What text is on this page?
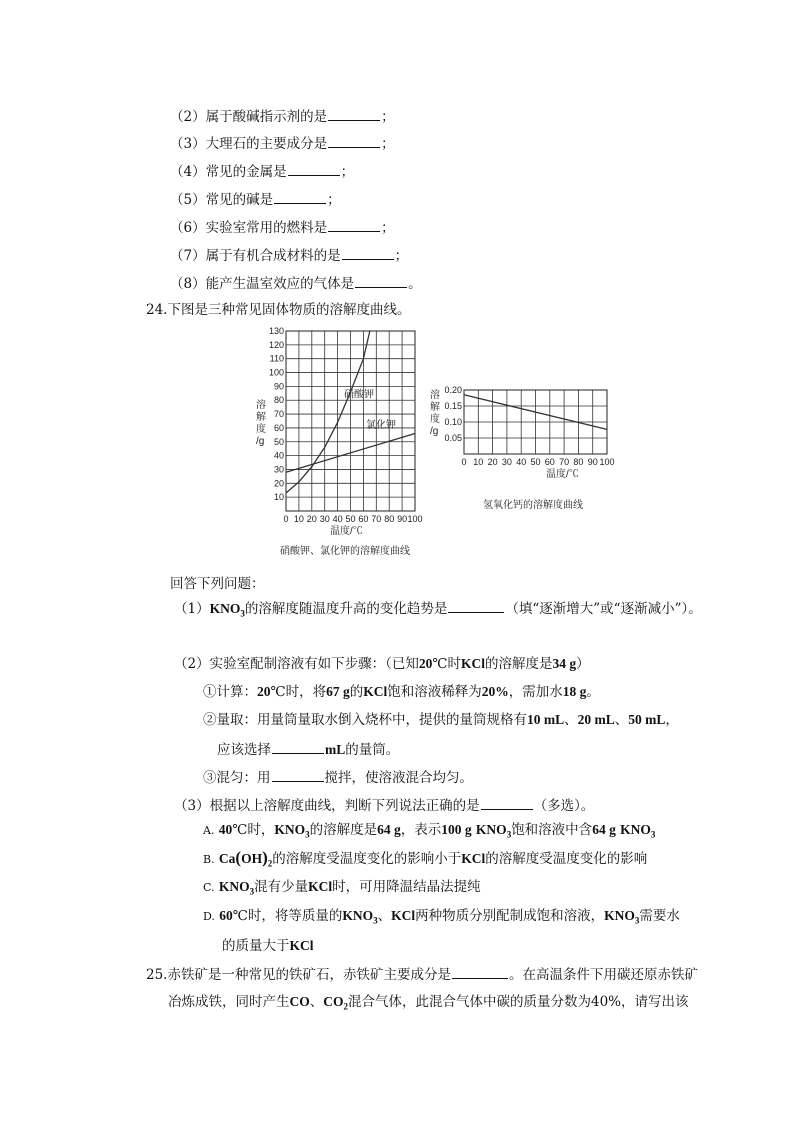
（2）属于酸碱指示剂的是	；
（3）大理石的主要成分是	；
（4）常见的金属是	；
（5）常见的碱是	；
（6）实验室常用的燃料是	；
（7）属于有机合成材料的是	；
（8）能产生温室效应的气体是	。
24.下图是三种常见固体物质的溶解度曲线。
0 10 20 30 40 50 60 70 80 90 100
10
20
30
40
50
60
70
80
90
100
110
120
130
硝酸钾
氯化钾
溶
解
度
/g
温度/℃
硝酸钾、氯化钾的溶解度曲线
0 10 20 30 40 50 60 70 80 90 100
0.05
0.10
0.15
0.20
溶
解
度
/g
温度/℃
氢氧化钙的溶解度曲线
回答下列问题：
$(1)KNO_3$的溶解度随温度升高的变化趋势是	（填“逐渐增大”或“逐渐减小”）。
（2）实验室配制溶液有如下步骤：（已知20℃时KCl的溶解度是34 g）
①计算：20℃时，将67 g的KCl饱和溶液稀释为20%，需加水18 g。
②量取：用量筒量取水倒入烧杯中，提供的量筒规格有10 mL、20 mL、50 mL，
应该选择	mL的量筒。
③混匀：用	搅拌，使溶液混合均匀。
（3）根据以上溶解度曲线，判断下列说法正确的是	（多选）。
A. 40℃时，$KNO_3$的溶解度是64 g，表示100 g $KNO_3$饱和溶液中含64 g $KNO_3$
B. $Ca(OH)_2$的溶解度受温度变化的影响小于KCl的溶解度受温度变化的影响
C. $KNO_3$混有少量KCl时，可用降温结晶法提纯
D. 60℃时，将等质量的$KNO_3$、KCl两种物质分别配制成饱和溶液，$KNO_3$需要水
的质量大于KCl
25.赤铁矿是一种常见的铁矿石，赤铁矿主要成分是	。在高温条件下用碳还原赤铁矿
冶炼成铁，同时产生CO、$CO_2$混合气体，此混合气体中碳的质量分数为40%，请写出该
